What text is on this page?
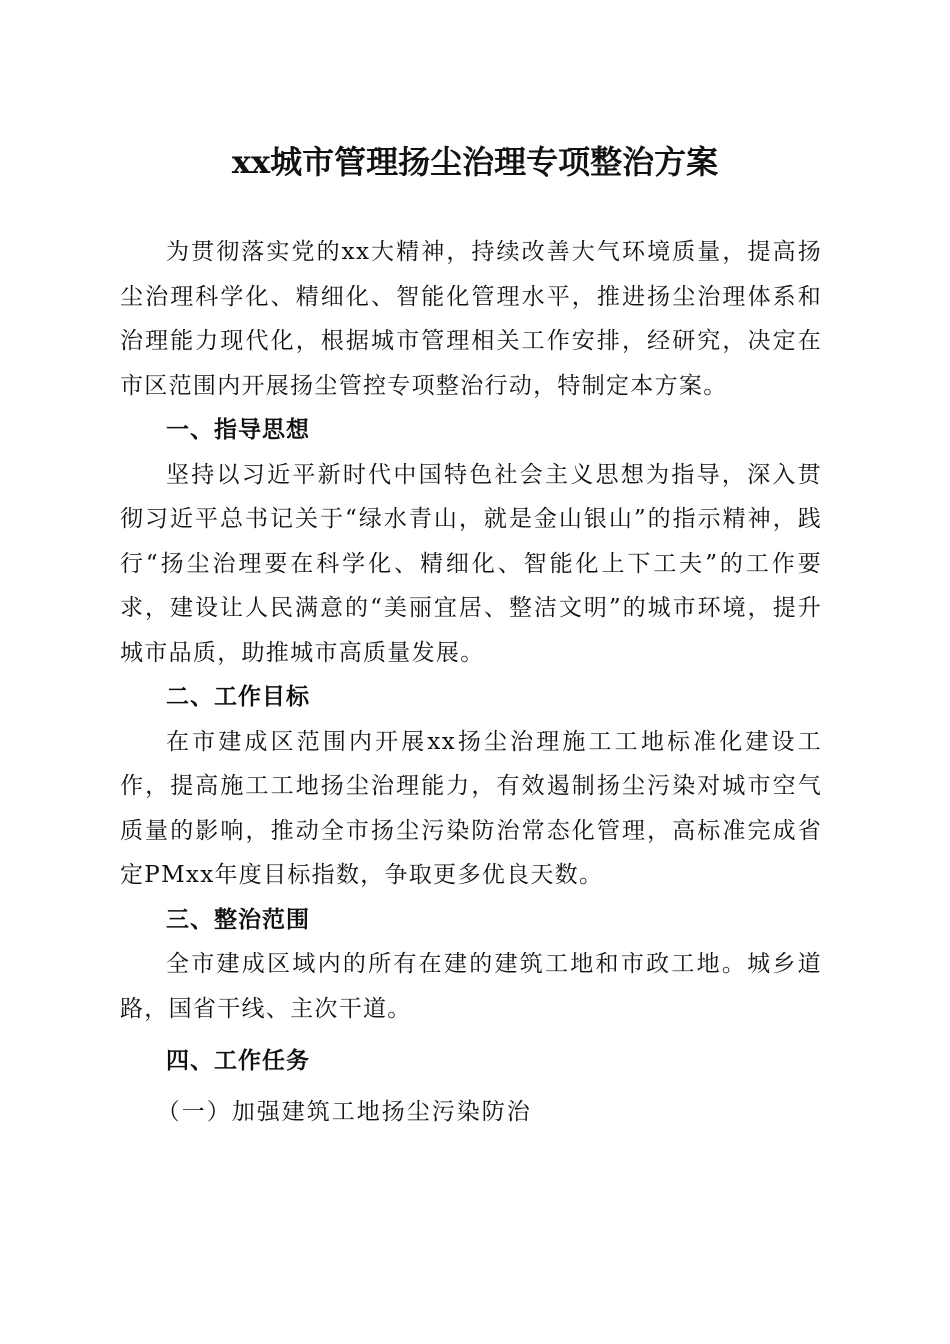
xx城市管理扬尘治理专项整治方案

为贯彻落实党的xx大精神，持续改善大气环境质量，提高扬尘治理科学化、精细化、智能化管理水平，推进扬尘治理体系和治理能力现代化，根据城市管理相关工作安排，经研究，决定在市区范围内开展扬尘管控专项整治行动，特制定本方案。

一、指导思想

坚持以习近平新时代中国特色社会主义思想为指导，深入贯彻习近平总书记关于“绿水青山，就是金山银山”的指示精神，践行“扬尘治理要在科学化、精细化、智能化上下工夫”的工作要求，建设让人民满意的“美丽宜居、整洁文明”的城市环境，提升城市品质，助推城市高质量发展。

二、工作目标

在市建成区范围内开展xx扬尘治理施工工地标准化建设工作，提高施工工地扬尘治理能力，有效遏制扬尘污染对城市空气质量的影响，推动全市扬尘污染防治常态化管理，高标准完成省定PMxx年度目标指数，争取更多优良天数。

三、整治范围

全市建成区域内的所有在建的建筑工地和市政工地。城乡道路，国省干线、主次干道。

四、工作任务

（一）加强建筑工地扬尘污染防治
